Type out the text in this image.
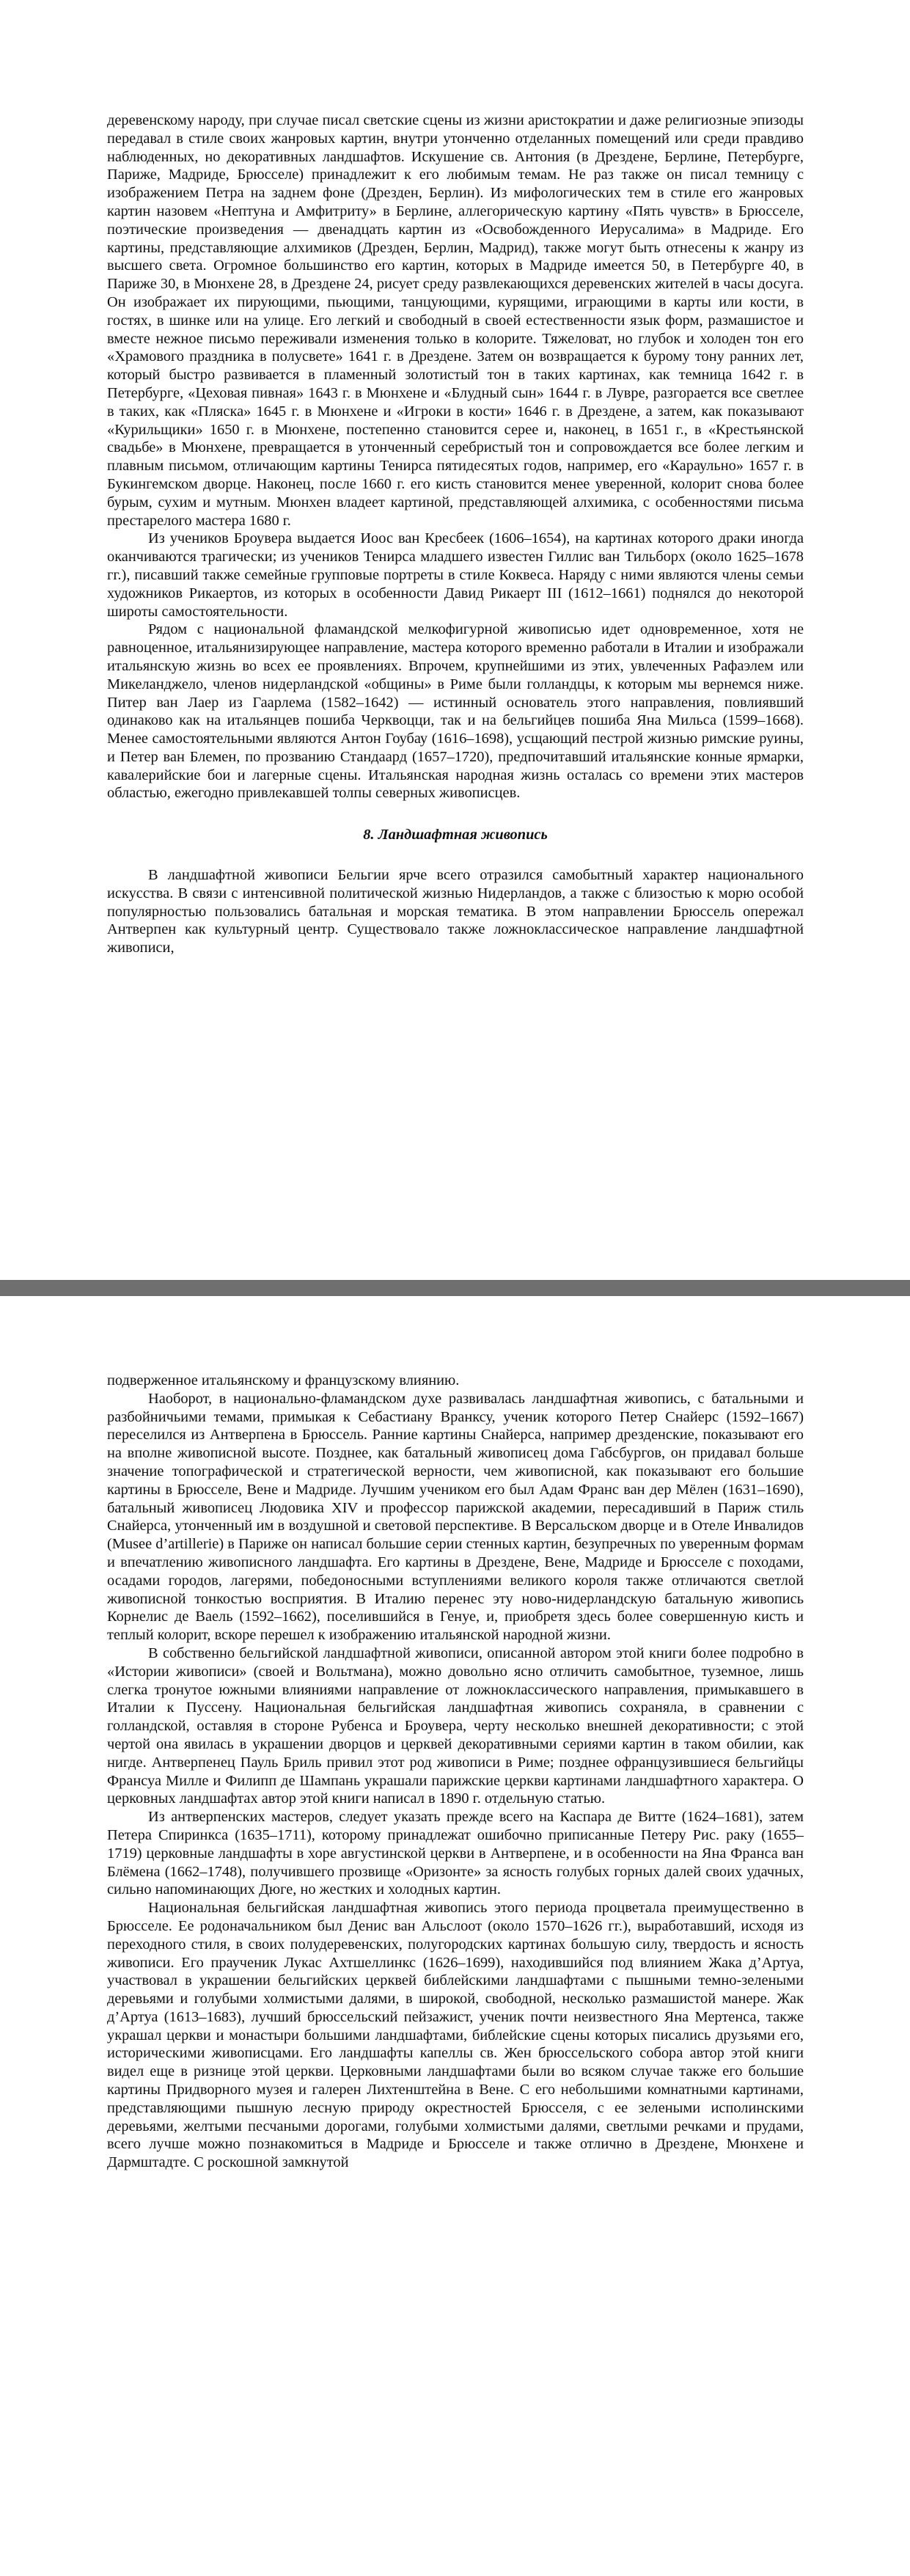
деревенскому народу, при случае писал светские сцены из жизни аристократии и даже религиозные эпизоды передавал в стиле своих жанровых картин, внутри утонченно отделанных помещений или среди правдиво наблюденных, но декоративных ландшафтов. Искушение св. Антония (в Дрездене, Берлине, Петербурге, Париже, Мадриде, Брюсселе) принадлежит к его любимым темам. Не раз также он писал темницу с изображением Петра на заднем фоне (Дрезден, Берлин). Из мифологических тем в стиле его жанровых картин назовем «Нептуна и Амфитриту» в Берлине, аллегорическую картину «Пять чувств» в Брюсселе, поэтические произведения — двенадцать картин из «Освобожденного Иерусалима» в Мадриде. Его картины, представляющие алхимиков (Дрезден, Берлин, Мадрид), также могут быть отнесены к жанру из высшего света. Огромное большинство его картин, которых в Мадриде имеется 50, в Петербурге 40, в Париже 30, в Мюнхене 28, в Дрездене 24, рисует среду развлекающихся деревенских жителей в часы досуга. Он изображает их пирующими, пьющими, танцующими, курящими, играющими в карты или кости, в гостях, в шинке или на улице. Его легкий и свободный в своей естественности язык форм, размашистое и вместе нежное письмо переживали изменения только в колорите. Тяжеловат, но глубок и холоден тон его «Храмового праздника в полусвете» 1641 г. в Дрездене. Затем он возвращается к бурому тону ранних лет, который быстро развивается в пламенный золотистый тон в таких картинах, как темница 1642 г. в Петербурге, «Цеховая пивная» 1643 г. в Мюнхене и «Блудный сын» 1644 г. в Лувре, разгорается все светлее в таких, как «Пляска» 1645 г. в Мюнхене и «Игроки в кости» 1646 г. в Дрездене, а затем, как показывают «Курильщики» 1650 г. в Мюнхене, постепенно становится серее и, наконец, в 1651 г., в «Крестьянской свадьбе» в Мюнхене, превращается в утонченный серебристый тон и сопровождается все более легким и плавным письмом, отличающим картины Тенирса пятидесятых годов, например, его «Караульно» 1657 г. в Букингемском дворце. Наконец, после 1660 г. его кисть становится менее уверенной, колорит снова более бурым, сухим и мутным. Мюнхен владеет картиной, представляющей алхимика, с особенностями письма престарелого мастера 1680 г.

Из учеников Броувера выдается Иоос ван Кресбеек (1606–1654), на картинах которого драки иногда оканчиваются трагически; из учеников Тенирса младшего известен Гиллис ван Тильборх (около 1625–1678 гг.), писавший также семейные групповые портреты в стиле Коквеса. Наряду с ними являются члены семьи художников Рикаертов, из которых в особенности Давид Рикаерт III (1612–1661) поднялся до некоторой широты самостоятельности.

Рядом с национальной фламандской мелкофигурной живописью идет одновременное, хотя не равноценное, итальянизирующее направление, мастера которого временно работали в Италии и изображали итальянскую жизнь во всех ее проявлениях. Впрочем, крупнейшими из этих, увлеченных Рафаэлем или Микеланджело, членов нидерландской «общины» в Риме были голландцы, к которым мы вернемся ниже. Питер ван Лаер из Гаарлема (1582–1642) — истинный основатель этого направления, повлиявший одинаково как на итальянцев пошиба Черквоцци, так и на бельгийцев пошиба Яна Мильса (1599–1668). Менее самостоятельными являются Антон Гоубау (1616–1698), усщающий пестрой жизнью римские руины, и Петер ван Блемен, по прозванию Стандаард (1657–1720), предпочитавший итальянские конные ярмарки, кавалерийские бои и лагерные сцены. Итальянская народная жизнь осталась со времени этих мастеров областью, ежегодно привлекавшей толпы северных живописцев.

8. Ландшафтная живопись

В ландшафтной живописи Бельгии ярче всего отразился самобытный характер национального искусства. В связи с интенсивной политической жизнью Нидерландов, а также с близостью к морю особой популярностью пользовались батальная и морская тематика. В этом направлении Брюссель опережал Антверпен как культурный центр. Существовало также ложноклассическое направление ландшафтной живописи,

подверженное итальянскому и французскому влиянию.

Наоборот, в национально-фламандском духе развивалась ландшафтная живопись, с батальными и разбойничьими темами, примыкая к Себастиану Вранксу, ученик которого Петер Снайерс (1592–1667) переселился из Антверпена в Брюссель. Ранние картины Снайерса, например дрезденские, показывают его на вполне живописной высоте. Позднее, как батальный живописец дома Габсбургов, он придавал больше значение топографической и стратегической верности, чем живописной, как показывают его большие картины в Брюсселе, Вене и Мадриде. Лучшим учеником его был Адам Франс ван дер Мёлен (1631–1690), батальный живописец Людовика XIV и профессор парижской академии, пересадивший в Париж стиль Снайерса, утонченный им в воздушной и световой перспективе. В Версальском дворце и в Отеле Инвалидов (Musee d’artillerie) в Париже он написал большие серии стенных картин, безупречных по уверенным формам и впечатлению живописного ландшафта. Его картины в Дрездене, Вене, Мадриде и Брюсселе с походами, осадами городов, лагерями, победоносными вступлениями великого короля также отличаются светлой живописной тонкостью восприятия. В Италию перенес эту ново-нидерландскую батальную живопись Корнелис де Ваель (1592–1662), поселившийся в Генуе, и, приобретя здесь более совершенную кисть и теплый колорит, вскоре перешел к изображению итальянской народной жизни.

В собственно бельгийской ландшафтной живописи, описанной автором этой книги более подробно в «Истории живописи» (своей и Вольтмана), можно довольно ясно отличить самобытное, туземное, лишь слегка тронутое южными влияниями направление от ложноклассического направления, примыкавшего в Италии к Пуссену. Национальная бельгийская ландшафтная живопись сохраняла, в сравнении с голландской, оставляя в стороне Рубенса и Броувера, черту несколько внешней декоративности; с этой чертой она явилась в украшении дворцов и церквей декоративными сериями картин в таком обилии, как нигде. Антверпенец Пауль Бриль привил этот род живописи в Риме; позднее офранцузившиеся бельгийцы Франсуа Милле и Филипп де Шампань украшали парижские церкви картинами ландшафтного характера. О церковных ландшафтах автор этой книги написал в 1890 г. отдельную статью.

Из антверпенских мастеров, следует указать прежде всего на Каспара де Витте (1624–1681), затем Петера Спиринкса (1635–1711), которому принадлежат ошибочно приписанные Петеру Рис. раку (1655–1719) церковные ландшафты в хоре августинской церкви в Антверпене, и в особенности на Яна Франса ван Блёмена (1662–1748), получившего прозвище «Оризонте» за ясность голубых горных далей своих удачных, сильно напоминающих Дюге, но жестких и холодных картин.

Национальная бельгийская ландшафтная живопись этого периода процветала преимущественно в Брюсселе. Ее родоначальником был Денис ван Альслоот (около 1570–1626 гг.), выработавший, исходя из переходного стиля, в своих полудеревенских, полугородских картинах большую силу, твердость и ясность живописи. Его праученик Лукас Ахтшеллинкс (1626–1699), находившийся под влиянием Жака д’Артуа, участвовал в украшении бельгийских церквей библейскими ландшафтами с пышными темно-зелеными деревьями и голубыми холмистыми далями, в широкой, свободной, несколько размашистой манере. Жак д’Артуа (1613–1683), лучший брюссельский пейзажист, ученик почти неизвестного Яна Мертенса, также украшал церкви и монастыри большими ландшафтами, библейские сцены которых писались друзьями его, историческими живописцами. Его ландшафты капеллы св. Жен брюссельского собора автор этой книги видел еще в ризнице этой церкви. Церковными ландшафтами были во всяком случае также его большие картины Придворного музея и галерен Лихтенштейна в Вене. С его небольшими комнатными картинами, представляющими пышную лесную природу окрестностей Брюсселя, с ее зелеными исполинскими деревьями, желтыми песчаными дорогами, голубыми холмистыми далями, светлыми речками и прудами, всего лучше можно познакомиться в Мадриде и Брюсселе и также отлично в Дрездене, Мюнхене и Дармштадте. С роскошной замкнутой
